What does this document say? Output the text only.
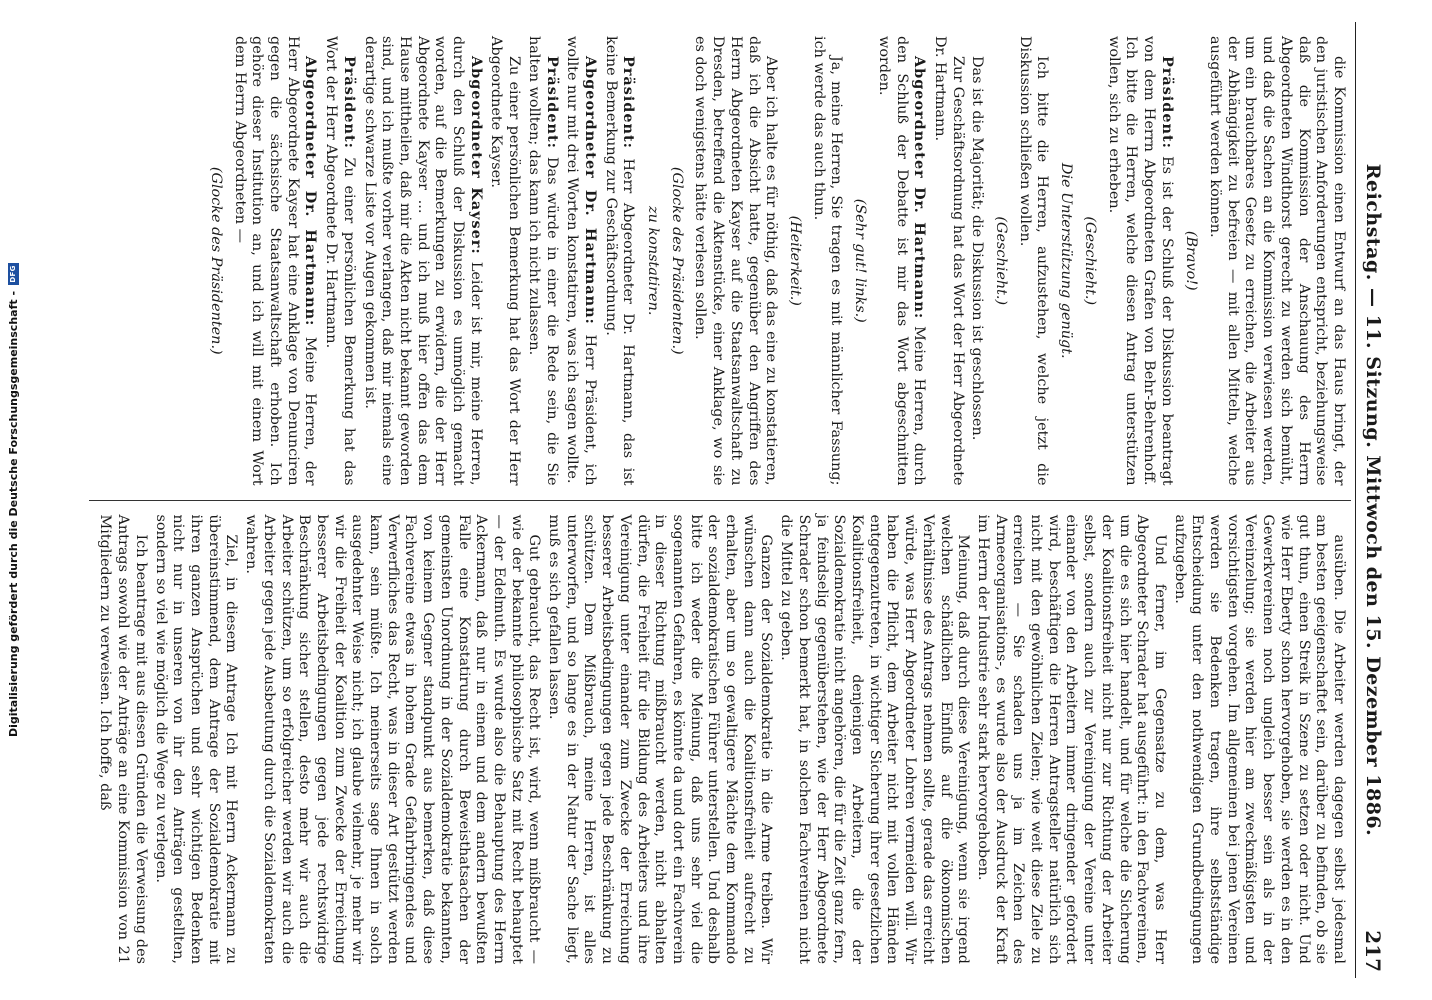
Digitalisierung gefördert durch die Deutsche Forschungsgemeinschaft -
DFG	Reichstag. — 11. Sitzung. Mittwoch den 15. Dezember 1886.
217

die Kommission einen Entwurf an das Haus bringt, der den juristischen Anforderungen entspricht, beziehungsweise daß die Kommission der Anschauung des Herrn Abgeordneten Windthorst gerecht zu werden sich bemüht, und daß die Sachen an die Kommission verwiesen werden, um ein brauchbares Gesetz zu erreichen, die Arbeiter aus der Abhängigkeit zu befreien — mit allen Mitteln, welche ausgeführt werden können.

(Bravo!)

Präsident: Es ist der Schluß der Diskussion beantragt von dem Herrn Abgeordneten Grafen von Behr-Behrenhoff. Ich bitte die Herren, welche diesen Antrag unterstützen wollen, sich zu erheben.

(Geschieht.)

Die Unterstützung genügt.

Ich bitte die Herren, aufzustehen, welche jetzt die Diskussion schließen wollen.

(Geschieht.)

Das ist die Majorität; die Diskussion ist geschlossen.

Zur Geschäftsordnung hat das Wort der Herr Abgeordnete Dr. Hartmann.

Abgeordneter Dr. Hartmann: Meine Herren, durch den Schluß der Debatte ist mir das Wort abgeschnitten worden.

(Sehr gut! links.)

Ja, meine Herren, Sie tragen es mit männlicher Fassung; ich werde das auch thun.

(Heiterkeit.)

Aber ich halte es für nöthig, daß das eine zu konstatieren, daß ich die Absicht hatte, gegenüber den Angriffen des Herrn Abgeordneten Kayser auf die Staatsanwaltschaft zu Dresden, betreffend die Aktenstücke, einer Anklage, wo sie es doch wenigstens hätte verlesen sollen.

(Glocke des Präsidenten.)

zu konstatiren.

Präsident: Herr Abgeordneter Dr. Hartmann, das ist keine Bemerkung zur Geschäftsordnung.

Abgeordneter Dr. Hartmann: Herr Präsident, ich wollte nur mit drei Worten konstatiren, was ich sagen wollte.

Präsident: Das würde in einer die Rede sein, die Sie halten wollten; das kann ich nicht zulassen.

Zu einer persönlichen Bemerkung hat das Wort der Herr Abgeordnete Kayser.

Abgeordneter Kayser: Leider ist mir, meine Herren, durch den Schluß der Diskussion es unmöglich gemacht worden, auf die Bemerkungen zu erwidern, die der Herr Abgeordnete Kayser ... und ich muß hier offen das dem Hause mittheilen, daß mir die Akten nicht bekannt geworden sind, und ich mußte vorher verlangen, daß mir niemals eine derartige schwarze Liste vor Augen gekommen ist.

Präsident: Zu einer persönlichen Bemerkung hat das Wort der Herr Abgeordnete Dr. Hartmann.

Abgeordneter Dr. Hartmann: Meine Herren, der Herr Abgeordnete Kayser hat eine Anklage von Denunciren gegen die sächsische Staatsanwaltschaft erhoben. Ich gehöre dieser Institution an, und ich will mit einem Wort dem Herrn Abgeordneten —

(Glocke des Präsidenten.)

ausüben. Die Arbeiter werden dagegen selbst jedesmal am besten geeigenschaftet sein, darüber zu befinden, ob sie gut thun, einen Streik in Szene zu setzen oder nicht. Und wie Herr Eberty schon hervorgehoben, sie werden es in den Gewerkvereinen noch ungleich besser sein als in der Vereinzelung; sie werden hier am zweckmäßigsten und vorsichtigsten vorgehen. Im allgemeinen bei jenen Vereinen werden sie Bedenken tragen, ihre selbstständige Entscheidung unter den nothwendigen Grundbedingungen aufzugeben.

Und ferner, im Gegensatze zu dem, was Herr Abgeordneter Schrader hat ausgeführt: in den Fachvereinen, um die es sich hier handelt, und für welche die Sicherung der Koalitionsfreiheit nicht nur zur Richtung der Arbeiter selbst, sondern auch zur Vereinigung der Vereine unter einander von den Arbeitern immer dringender gefordert wird, beschäftigen die Herren Antragsteller natürlich sich nicht mit den gewöhnlichen Zielen; wie weit diese Ziele zu erreichen — Sie schaden uns ja im Zeichen des Armeeorganisations-, es wurde also der Ausdruck der Kraft im Herrn der Industrie sehr stark hervorgehoben.

Meinung, daß durch diese Vereinigung, wenn sie irgend welchen schädlichen Einfluß auf die ökonomischen Verhältnisse des Antrags nehmen sollte, gerade das erreicht würde, was Herr Abgeordneter Lohren vermeiden will. Wir haben die Pflicht, dem Arbeiter nicht mit vollen Händen entgegenzutreten, in wichtiger Sicherung ihrer gesetzlichen Koalitionsfreiheit, denjenigen Arbeitern, die der Sozialdemokratie nicht angehören, die für die Zeit ganz fern, ja feindselig gegenüberstehen, wie der Herr Abgeordnete Schrader schon bemerkt hat, in solchen Fachvereinen nicht die Mittel zu geben.

Ganzen der Sozialdemokratie in die Arme treiben. Wir wünschen dann auch die Koalitionsfreiheit aufrecht zu erhalten, aber um so gewaltigere Mächte dem Kommando der sozialdemokratischen Führer unterstellen. Und deshalb bitte ich weder die Meinung, daß uns sehr viel die sogenannten Gefahren, es könnte da und dort ein Fachverein in dieser Richtung mißbraucht werden, nicht abhalten dürfen, die Freiheit für die Bildung des Arbeiters und ihre Vereinigung unter einander zum Zwecke der Erreichung besserer Arbeitsbedingungen gegen jede Beschränkung zu schützen. Dem Mißbrauch, meine Herren, ist alles unterworfen, und so lange es in der Natur der Sache liegt, muß es sich gefallen lassen.

Gut gebraucht, das Recht ist, wird, wenn mißbraucht — wie der bekannte philosophische Satz mit Recht behauptet — der Edelmuth. Es wurde also die Behauptung des Herrn Ackermann, daß nur in einem und dem andern bewußten Falle eine Konstatirung durch Beweisthatsachen der gemeinsten Unordnung in der Sozialdemokratie bekannten, von keinem Gegner standpunkt aus bemerken, daß diese Fachvereine etwas in hohem Grade Gefahrbringendes und Verwerfliches das Recht, was in dieser Art gestützt werden kann, sein müßte. Ich meinerseits sage Ihnen in solch ausgedehnter Weise nicht; ich glaube vielmehr, je mehr wir wir die Freiheit der Koalition zum Zwecke der Erreichung besserer Arbeitsbedingungen gegen jede rechtswidrige Beschränkung sicher stellen, desto mehr wir auch die Arbeiter schützen, um so erfolgreicher werden wir auch die Arbeiter gegen jede Ausbeutung durch die Sozialdemokraten wahren.

Ziel, in diesem Antrage Ich mit Herrn Ackermann zu übereinstimmend, dem Antrage der Sozialdemokratie mit ihren ganzen Ansprüchen und sehr wichtigen Bedenken nicht nur in unseren von ihr den Anträgen gestellten, sondern so viel wie möglich die Wege zu verlegen.

Ich beantrage mit aus diesen Gründen die Verweisung des Antrags sowohl wie der Anträge an eine Kommission von 21 Mitgliedern zu verweisen. Ich hoffe, daß
